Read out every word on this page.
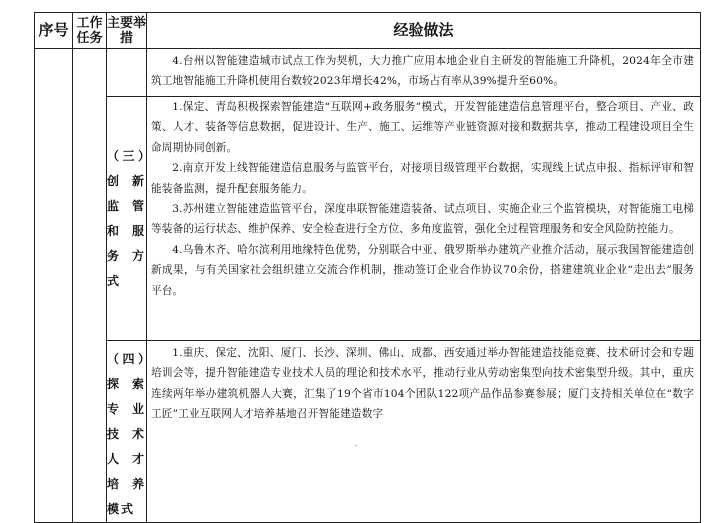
序号	工作任务	主要举措	经验做法

			4.台州以智能建造城市试点工作为契机，大力推广应用本地企业自主研发的智能施工升降机，2024年全市建筑工地智能施工升降机使用台数较2023年增长42%，市场占有率从39%提升至60%。

		（三）创新监管和服务方式	1.保定、青岛积极探索智能建造“互联网+政务服务”模式，开发智能建造信息管理平台，整合项目、产业、政策、人才、装备等信息数据，促进设计、生产、施工、运维等产业链资源对接和数据共享，推动工程建设项目全生命周期协同创新。

2.南京开发上线智能建造信息服务与监管平台，对接项目级管理平台数据，实现线上试点申报、指标评审和智能装备监测，提升配套服务能力。

3.苏州建立智能建造监管平台，深度串联智能建造装备、试点项目、实施企业三个监管模块，对智能施工电梯等装备的运行状态、维护保养、安全检查进行全方位、多角度监管，强化全过程管理服务和安全风险防控能力。

4.乌鲁木齐、哈尔滨利用地缘特色优势，分别联合中亚、俄罗斯举办建筑产业推介活动，展示我国智能建造创新成果，与有关国家社会组织建立交流合作机制，推动签订企业合作协议70余份，搭建建筑业企业“走出去”服务平台。

		（四）探索专业技术人才培养模式	1.重庆、保定、沈阳、厦门、长沙、深圳、佛山、成都、西安通过举办智能建造技能竞赛、技术研讨会和专题培训会等，提升智能建造专业技术人员的理论和技术水平，推动行业从劳动密集型向技术密集型升级。其中，重庆连续两年举办建筑机器人大赛，汇集了19个省市104个团队122项产品作品参赛参展；厦门支持相关单位在“数字工匠”工业互联网人才培养基地召开智能建造数字

-
